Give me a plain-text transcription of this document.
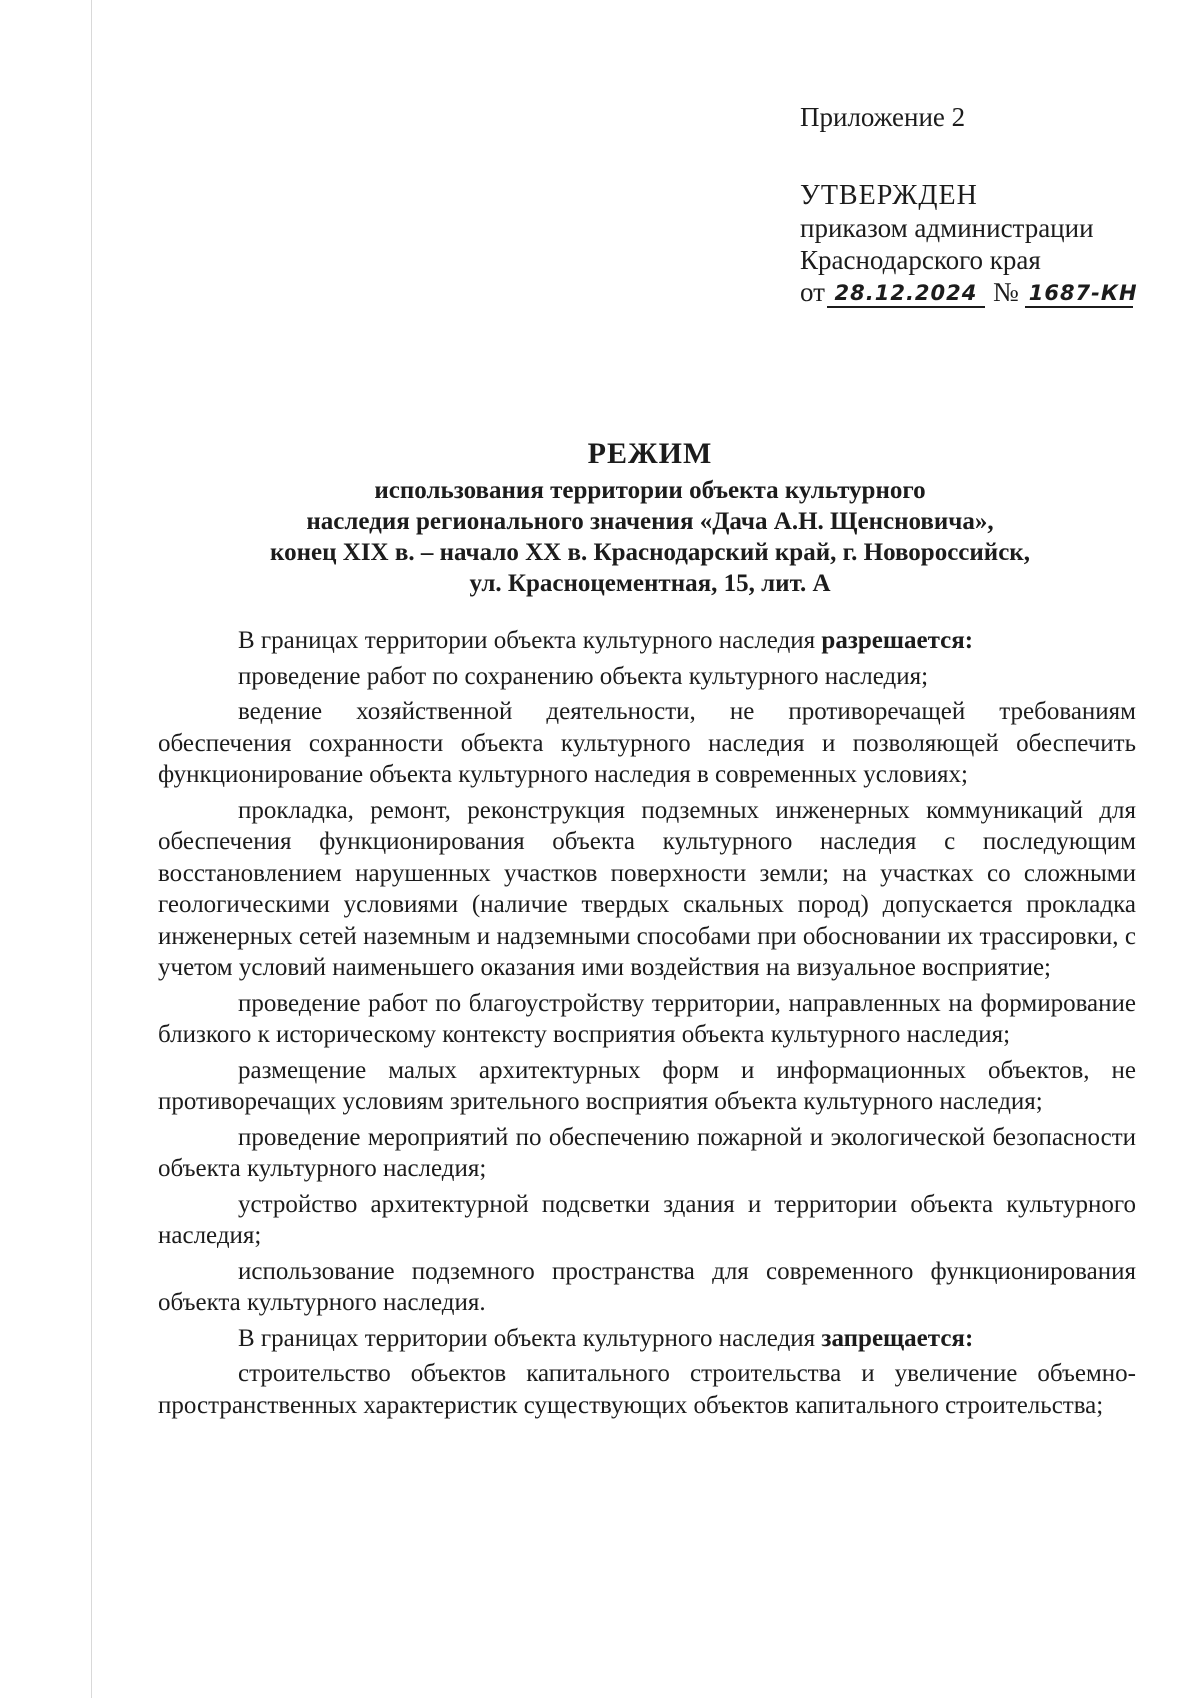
Приложение 2
УТВЕРЖДЕН
приказом администрации
Краснодарского края
от 28.12.2024 № 1687-КН
РЕЖИМ
использования территории объекта культурного
наследия регионального значения «Дача А.Н. Щенсновича»,
конец XIX в. – начало XX в. Краснодарский край, г. Новороссийск,
ул. Красноцементная, 15, лит. А

В границах территории объекта культурного наследия разрешается:

проведение работ по сохранению объекта культурного наследия;

ведение хозяйственной деятельности, не противоречащей требованиям обеспечения сохранности объекта культурного наследия и позволяющей обеспечить функционирование объекта культурного наследия в современных условиях;

прокладка, ремонт, реконструкция подземных инженерных коммуникаций для обеспечения функционирования объекта культурного наследия с последующим восстановлением нарушенных участков поверхности земли; на участках со сложными геологическими условиями (наличие твердых скальных пород) допускается прокладка инженерных сетей наземным и надземными способами при обосновании их трассировки, с учетом условий наименьшего оказания ими воздействия на визуальное восприятие;

проведение работ по благоустройству территории, направленных на формирование близкого к историческому контексту восприятия объекта культурного наследия;

размещение малых архитектурных форм и информационных объектов, не противоречащих условиям зрительного восприятия объекта культурного наследия;

проведение мероприятий по обеспечению пожарной и экологической безопасности объекта культурного наследия;

устройство архитектурной подсветки здания и территории объекта культурного наследия;

использование подземного пространства для современного функционирования объекта культурного наследия.

В границах территории объекта культурного наследия запрещается:

строительство объектов капитального строительства и увеличение объемно-пространственных характеристик существующих объектов капитального строительства;
